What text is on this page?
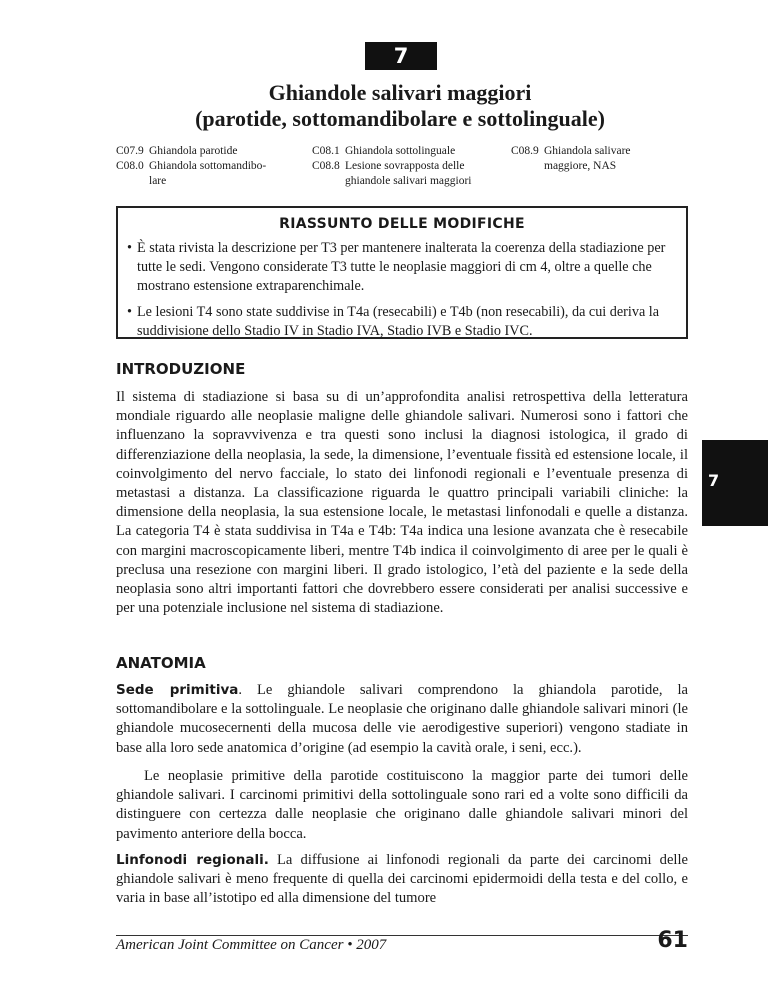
7
Ghiandole salivari maggiori
(parotide, sottomandibolare e sottolinguale)
C07.9 Ghiandola parotide
C08.0 Ghiandola sottomandibo-
lare
C08.1 Ghiandola sottolinguale
C08.8 Lesione sovrapposta delle
ghiandole salivari maggiori
C08.9 Ghiandola salivare
maggiore, NAS
RIASSUNTO DELLE MODIFICHE
• È stata rivista la descrizione per T3 per mantenere inalterata la coerenza della stadiazione per tutte le sedi. Vengono considerate T3 tutte le neoplasie maggiori di cm 4, oltre a quelle che mostrano estensione extraparenchimale.
• Le lesioni T4 sono state suddivise in T4a (resecabili) e T4b (non resecabili), da cui deriva la suddivisione dello Stadio IV in Stadio IVA, Stadio IVB e Stadio IVC.
INTRODUZIONE

Il sistema di stadiazione si basa su di un’approfondita analisi retrospettiva della letteratura mondiale riguardo alle neoplasie maligne delle ghiandole salivari. Numerosi sono i fattori che influenzano la sopravvivenza e tra questi sono inclusi la diagnosi istologica, il grado di differenziazione della neoplasia, la sede, la dimensione, l’eventuale fissità ed estensione locale, il coinvolgimento del nervo facciale, lo stato dei linfonodi regionali e l’eventuale presenza di metastasi a distanza. La classificazione riguarda le quattro principali variabili cliniche: la dimensione della neoplasia, la sua estensione locale, le metastasi linfonodali e quelle a distanza. La categoria T4 è stata suddivisa in T4a e T4b: T4a indica una lesione avanzata che è resecabile con margini macroscopicamente liberi, mentre T4b indica il coinvolgimento di aree per le quali è preclusa una resezione con margini liberi. Il grado istologico, l’età del paziente e la sede della neoplasia sono altri importanti fattori che dovrebbero essere considerati per analisi successive e per una potenziale inclusione nel sistema di stadiazione.

ANATOMIA

Sede primitiva. Le ghiandole salivari comprendono la ghiandola parotide, la sottomandibolare e la sottolinguale. Le neoplasie che originano dalle ghiandole salivari minori (le ghiandole mucosecernenti della mucosa delle vie aerodigestive superiori) vengono stadiate in base alla loro sede anatomica d’origine (ad esempio la cavità orale, i seni, ecc.).

Le neoplasie primitive della parotide costituiscono la maggior parte dei tumori delle ghiandole salivari. I carcinomi primitivi della sottolinguale sono rari ed a volte sono difficili da distinguere con certezza dalle neoplasie che originano dalle ghiandole salivari minori del pavimento anteriore della bocca.

Linfonodi regionali. La diffusione ai linfonodi regionali da parte dei carcinomi delle ghiandole salivari è meno frequente di quella dei carcinomi epidermoidi della testa e del collo, e varia in base all’istotipo ed alla dimensione del tumore

7
American Joint Committee on Cancer • 2007	61
